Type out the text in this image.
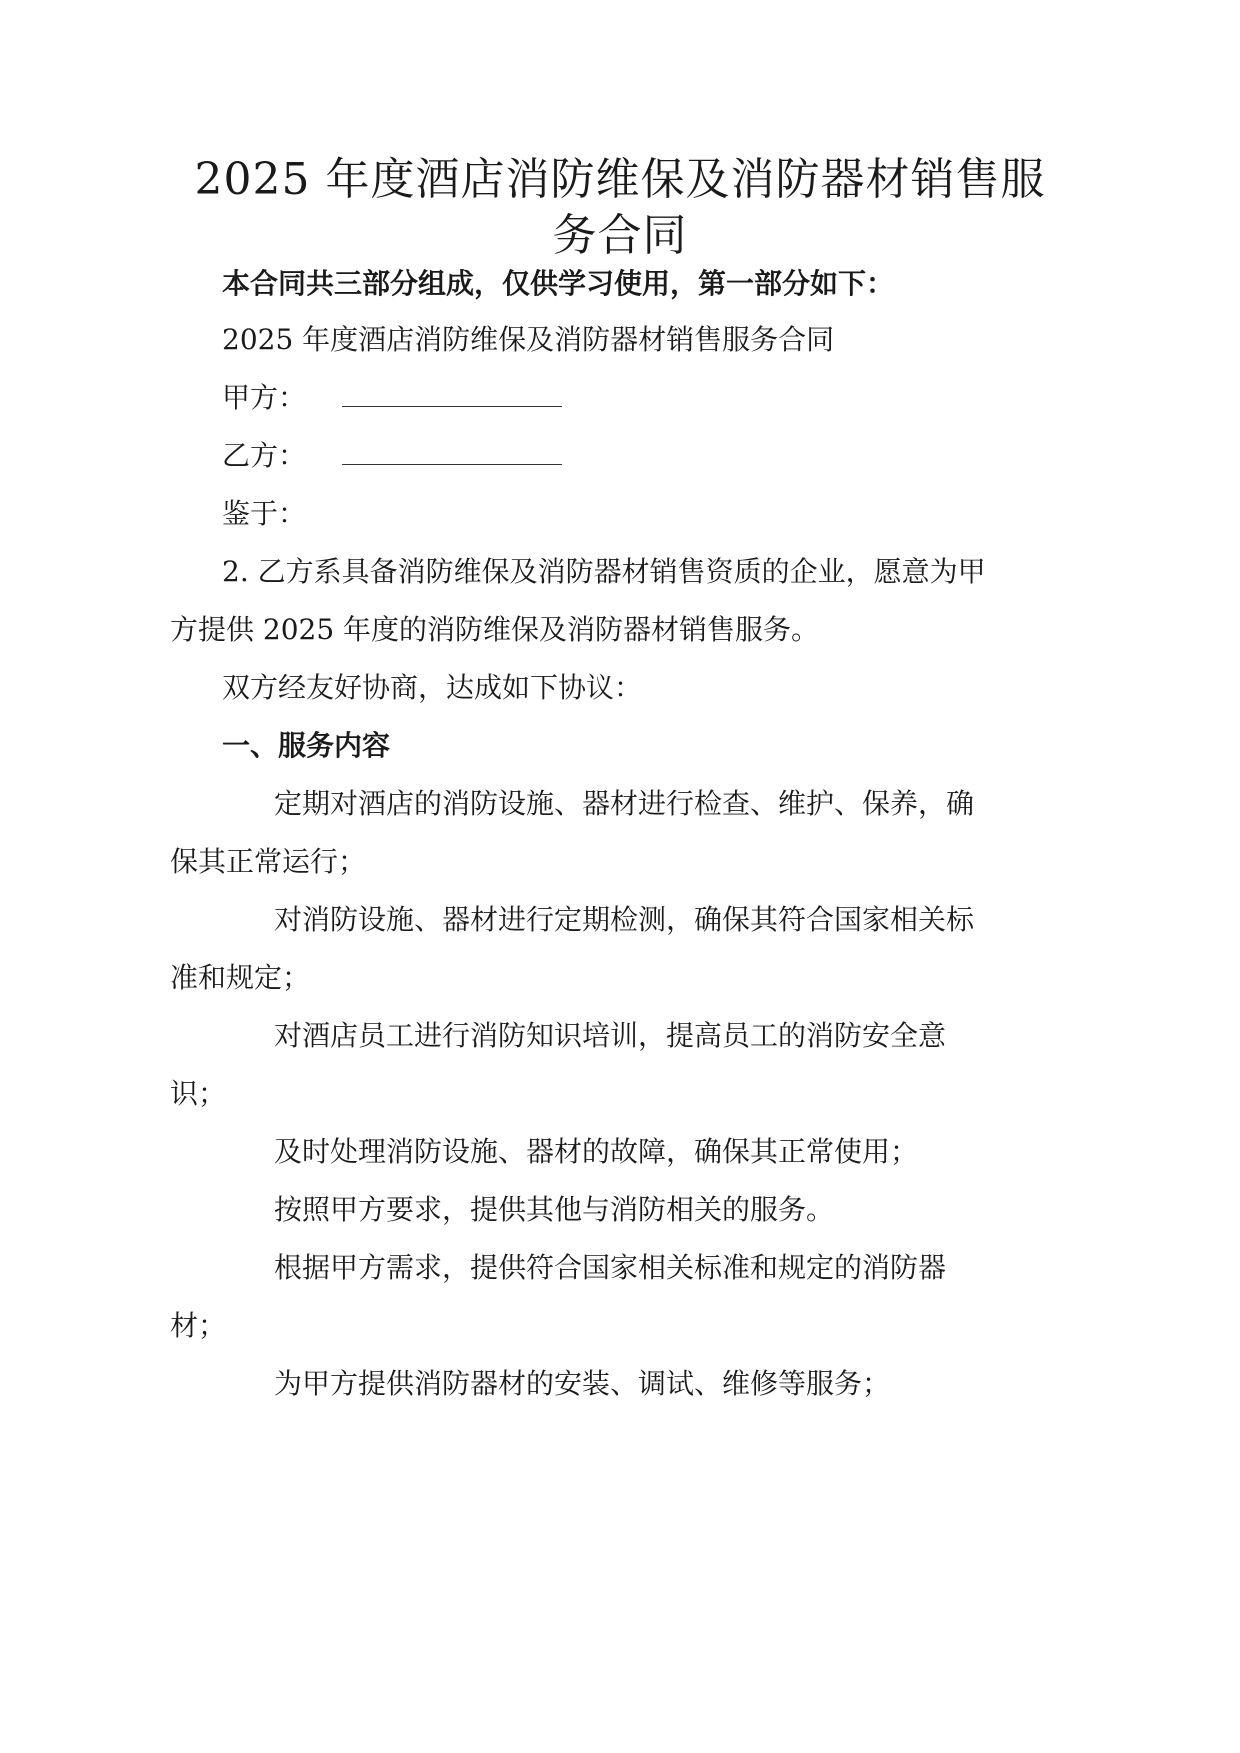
2025 年度酒店消防维保及消防器材销售服务合同
本合同共三部分组成，仅供学习使用，第一部分如下：
2025 年度酒店消防维保及消防器材销售服务合同
甲方：
乙方：
鉴于：
2. 乙方系具备消防维保及消防器材销售资质的企业，愿意为甲
方提供 2025 年度的消防维保及消防器材销售服务。
双方经友好协商，达成如下协议：
一、服务内容
定期对酒店的消防设施、器材进行检查、维护、保养，确
保其正常运行；
对消防设施、器材进行定期检测，确保其符合国家相关标
准和规定；
对酒店员工进行消防知识培训，提高员工的消防安全意
识；
及时处理消防设施、器材的故障，确保其正常使用；
按照甲方要求，提供其他与消防相关的服务。
根据甲方需求，提供符合国家相关标准和规定的消防器
材；
为甲方提供消防器材的安装、调试、维修等服务；
